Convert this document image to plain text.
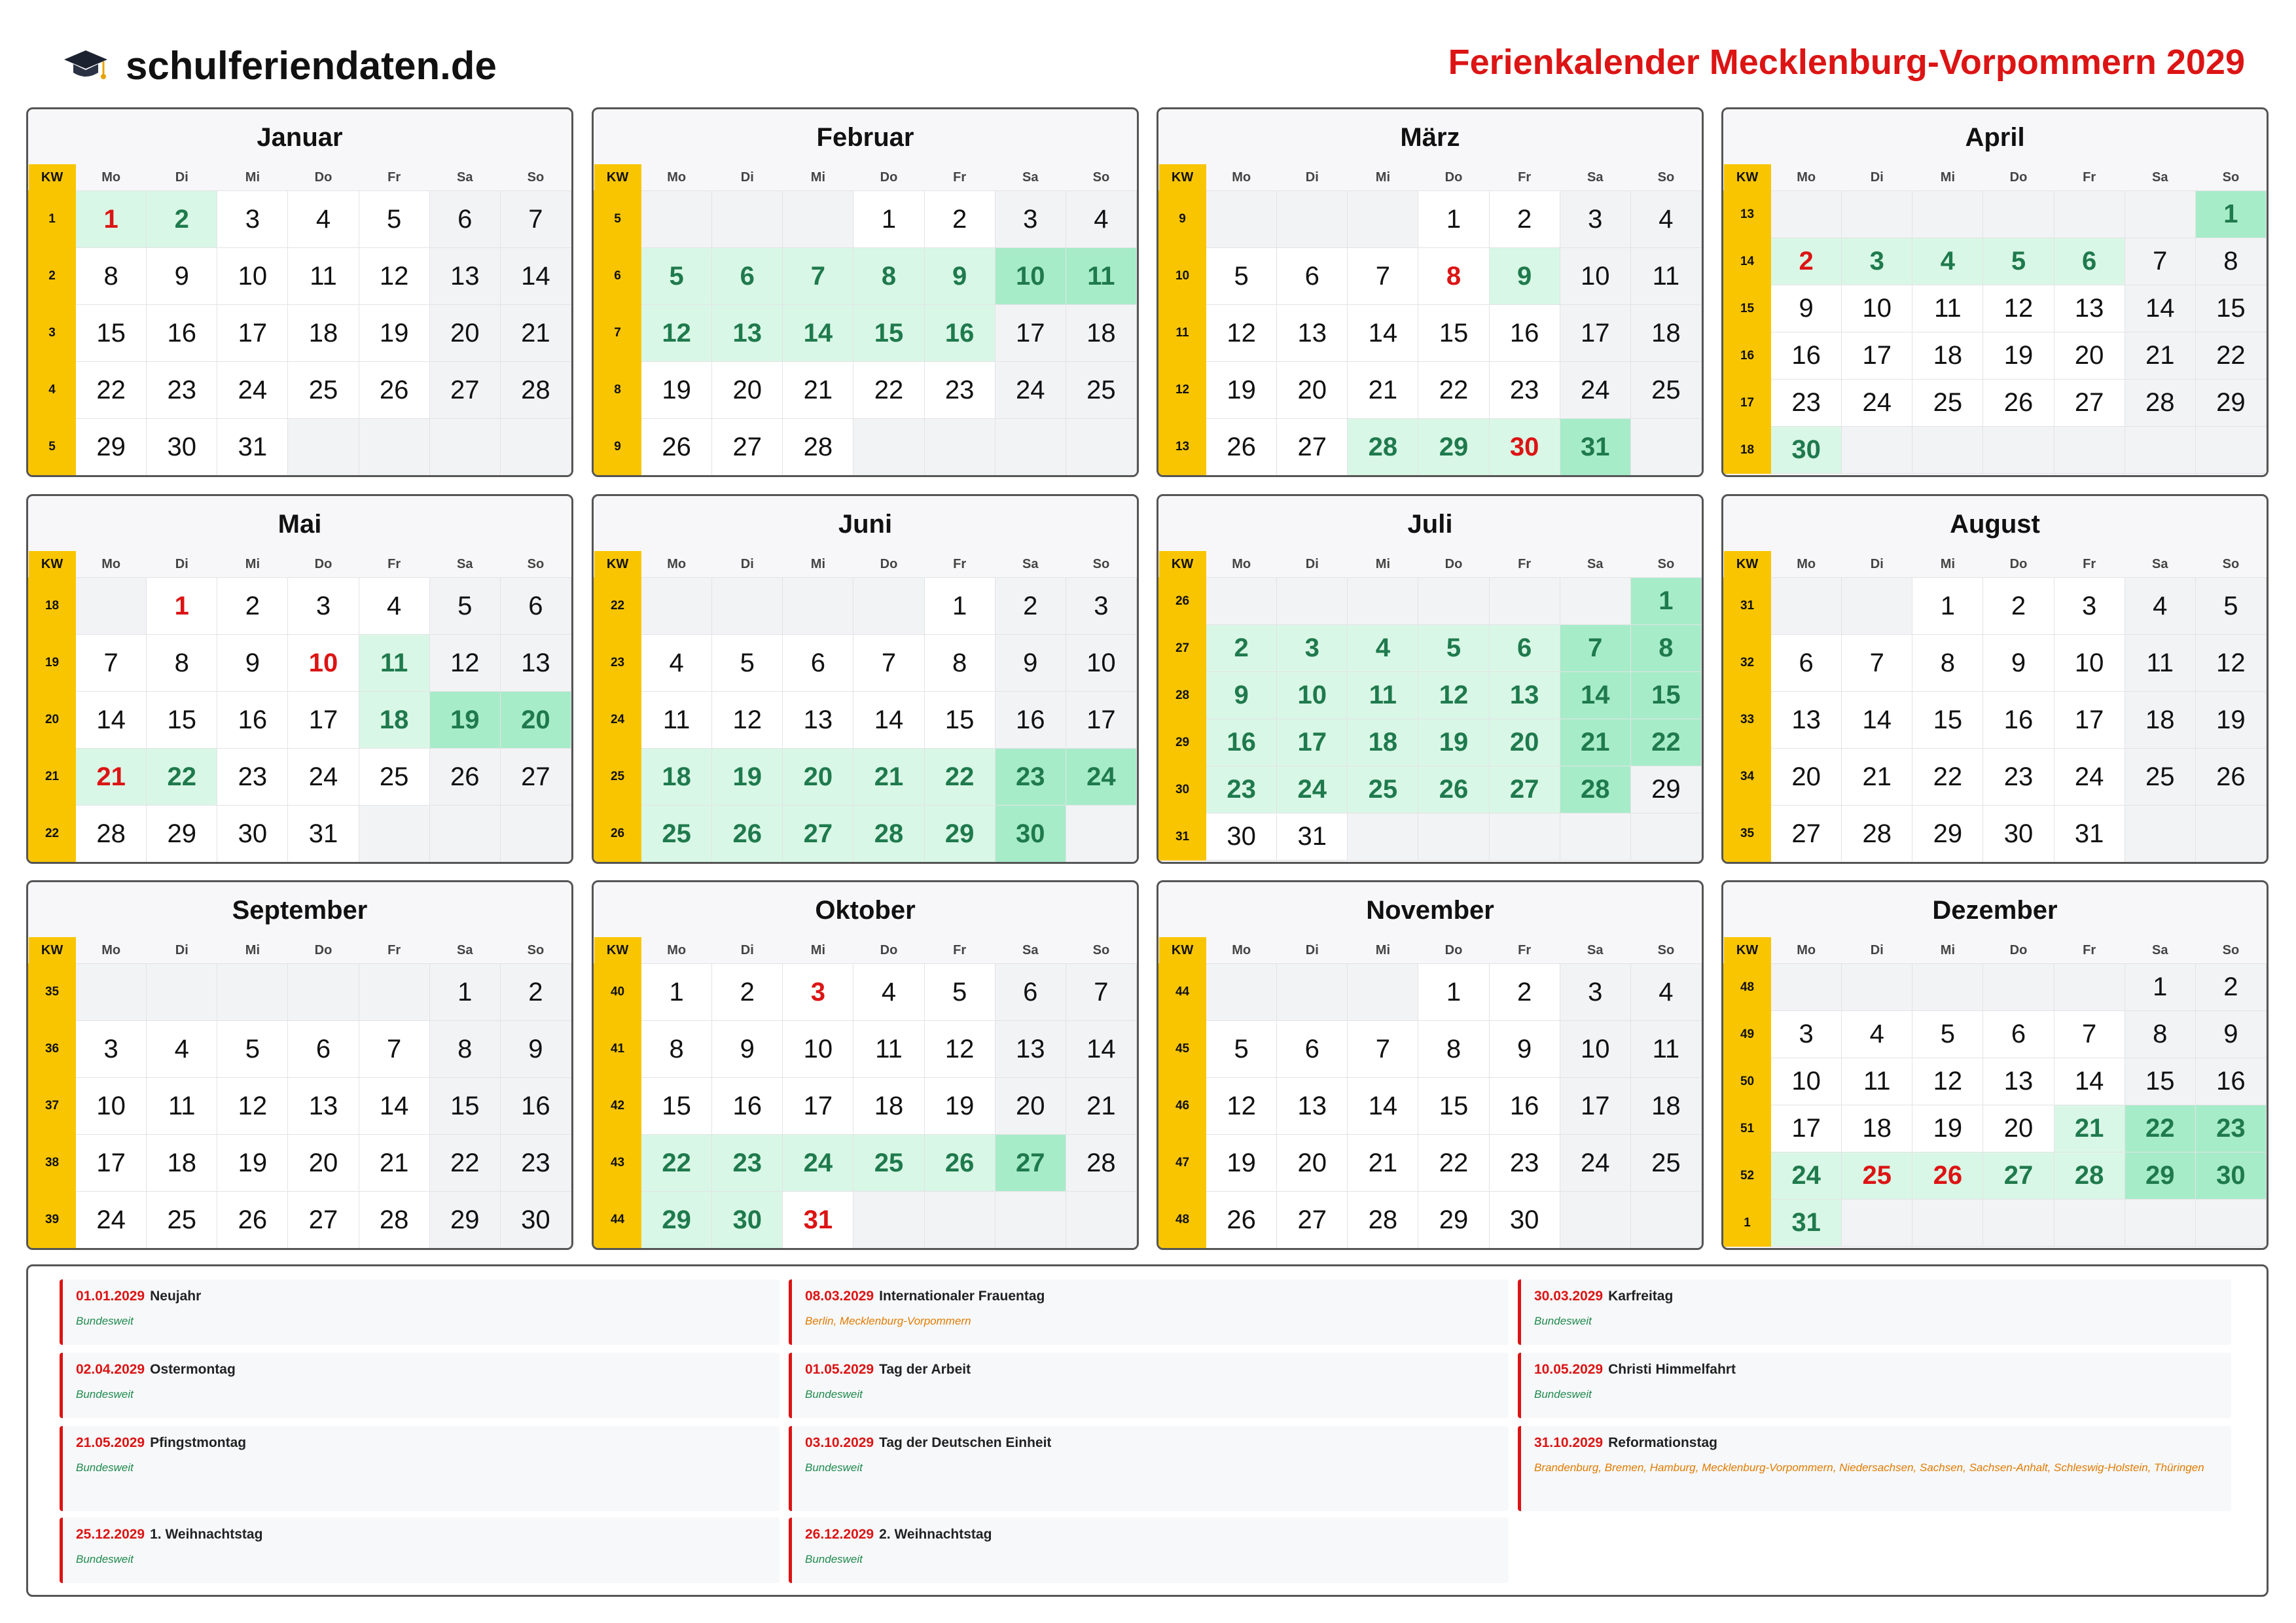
schulferiendaten.de	Ferienkalender Mecklenburg-Vorpommern 2029
Januar
KW	Mo	Di	Mi	Do	Fr	Sa	So
1	1	2	3	4	5	6	7
2	8	9	10	11	12	13	14
3	15	16	17	18	19	20	21
4	22	23	24	25	26	27	28
5	29	30	31				
Februar
KW	Mo	Di	Mi	Do	Fr	Sa	So
5				1	2	3	4
6	5	6	7	8	9	10	11
7	12	13	14	15	16	17	18
8	19	20	21	22	23	24	25
9	26	27	28				
März
KW	Mo	Di	Mi	Do	Fr	Sa	So
9				1	2	3	4
10	5	6	7	8	9	10	11
11	12	13	14	15	16	17	18
12	19	20	21	22	23	24	25
13	26	27	28	29	30	31	
April
KW	Mo	Di	Mi	Do	Fr	Sa	So
13							1
14	2	3	4	5	6	7	8
15	9	10	11	12	13	14	15
16	16	17	18	19	20	21	22
17	23	24	25	26	27	28	29
18	30						
Mai
KW	Mo	Di	Mi	Do	Fr	Sa	So
18		1	2	3	4	5	6
19	7	8	9	10	11	12	13
20	14	15	16	17	18	19	20
21	21	22	23	24	25	26	27
22	28	29	30	31			
Juni
KW	Mo	Di	Mi	Do	Fr	Sa	So
22					1	2	3
23	4	5	6	7	8	9	10
24	11	12	13	14	15	16	17
25	18	19	20	21	22	23	24
26	25	26	27	28	29	30	
Juli
KW	Mo	Di	Mi	Do	Fr	Sa	So
26							1
27	2	3	4	5	6	7	8
28	9	10	11	12	13	14	15
29	16	17	18	19	20	21	22
30	23	24	25	26	27	28	29
31	30	31					
August
KW	Mo	Di	Mi	Do	Fr	Sa	So
31			1	2	3	4	5
32	6	7	8	9	10	11	12
33	13	14	15	16	17	18	19
34	20	21	22	23	24	25	26
35	27	28	29	30	31		
September
KW	Mo	Di	Mi	Do	Fr	Sa	So
35						1	2
36	3	4	5	6	7	8	9
37	10	11	12	13	14	15	16
38	17	18	19	20	21	22	23
39	24	25	26	27	28	29	30
Oktober
KW	Mo	Di	Mi	Do	Fr	Sa	So
40	1	2	3	4	5	6	7
41	8	9	10	11	12	13	14
42	15	16	17	18	19	20	21
43	22	23	24	25	26	27	28
44	29	30	31				
November
KW	Mo	Di	Mi	Do	Fr	Sa	So
44				1	2	3	4
45	5	6	7	8	9	10	11
46	12	13	14	15	16	17	18
47	19	20	21	22	23	24	25
48	26	27	28	29	30		
Dezember
KW	Mo	Di	Mi	Do	Fr	Sa	So
48						1	2
49	3	4	5	6	7	8	9
50	10	11	12	13	14	15	16
51	17	18	19	20	21	22	23
52	24	25	26	27	28	29	30
1	31						
01.01.2029 Neujahr
Bundesweit
08.03.2029 Internationaler Frauentag
Berlin, Mecklenburg-Vorpommern
30.03.2029 Karfreitag
Bundesweit
02.04.2029 Ostermontag
Bundesweit
01.05.2029 Tag der Arbeit
Bundesweit
10.05.2029 Christi Himmelfahrt
Bundesweit
21.05.2029 Pfingstmontag
Bundesweit
03.10.2029 Tag der Deutschen Einheit
Bundesweit
31.10.2029 Reformationstag
Brandenburg, Bremen, Hamburg, Mecklenburg-Vorpommern, Niedersachsen, Sachsen, Sachsen-Anhalt, Schleswig-Holstein, Thüringen
25.12.2029 1. Weihnachtstag
Bundesweit
26.12.2029 2. Weihnachtstag
Bundesweit
